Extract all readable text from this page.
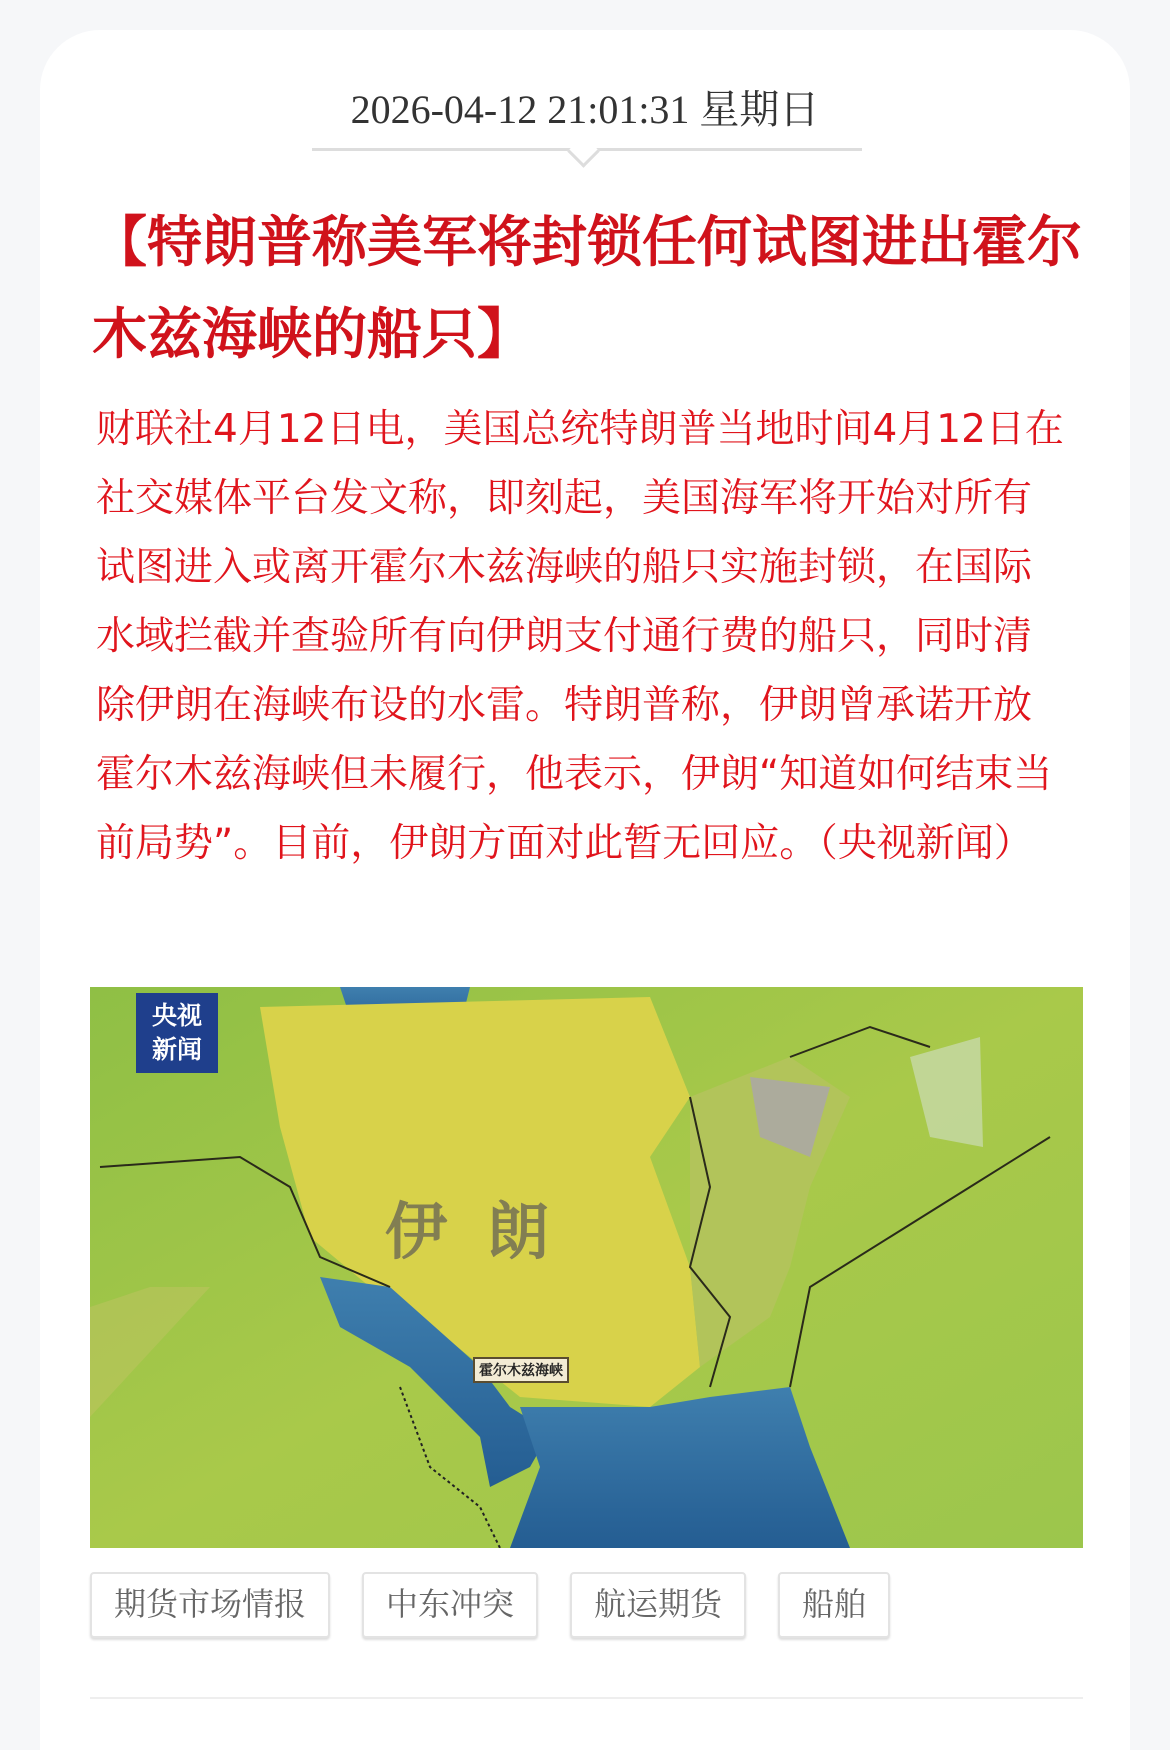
2026-04-12 21:01:31 星期日
【特朗普称美军将封锁任何试图进出霍尔木兹海峡的船只】

财联社4月12日电，美国总统特朗普当地时间4月12日在社交媒体平台发文称，即刻起，美国海军将开始对所有试图进入或离开霍尔木兹海峡的船只实施封锁，在国际水域拦截并查验所有向伊朗支付通行费的船只，同时清除伊朗在海峡布设的水雷。特朗普称，伊朗曾承诺开放霍尔木兹海峡但未履行，他表示，伊朗“知道如何结束当前局势”。目前，伊朗方面对此暂无回应。（央视新闻）

央视
新闻
伊朗
霍尔木兹海峡
期货市场情报	中东冲突	航运期货	船舶
